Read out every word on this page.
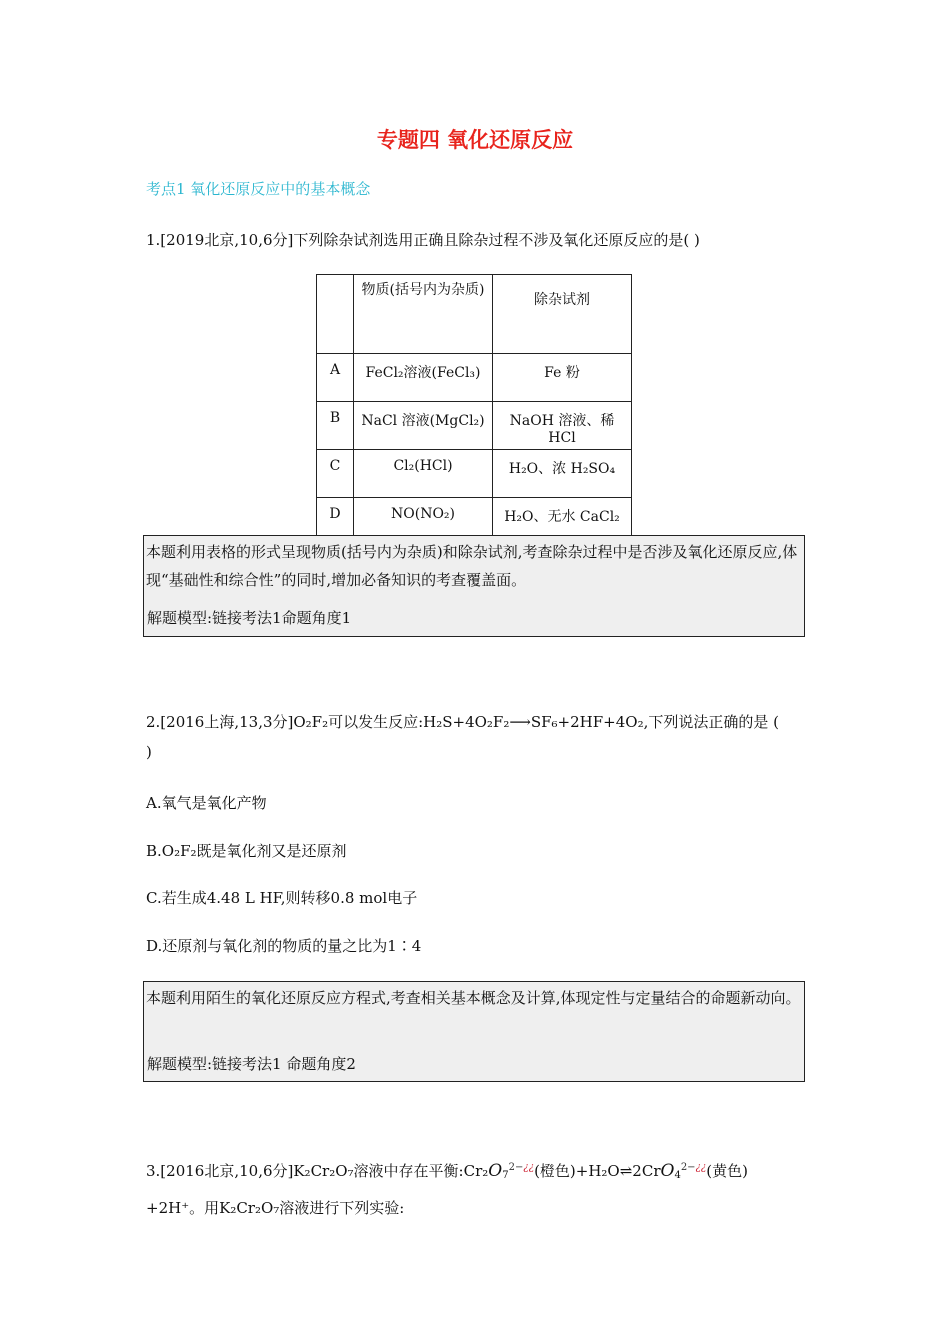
专题四 氧化还原反应
考点1 氧化还原反应中的基本概念
1.[2019北京,10,6分]下列除杂试剂选用正确且除杂过程不涉及氧化还原反应的是( )
	物质(括号内为杂质)	除杂试剂
A	FeCl₂溶液(FeCl₃)	Fe 粉
B	NaCl 溶液(MgCl₂)	NaOH 溶液、稀 HCl
C	Cl₂(HCl)	H₂O、浓 H₂SO₄
D	NO(NO₂)	H₂O、无水 CaCl₂
本题利用表格的形式呈现物质(括号内为杂质)和除杂试剂,考查除杂过程中是否涉及氧化还原反应,体现“基础性和综合性”的同时,增加必备知识的考查覆盖面。
解题模型:链接考法1命题角度1
2.[2016上海,13,3分]O₂F₂可以发生反应:H₂S+4O₂F₂⟶SF₆+2HF+4O₂,下列说法正确的是 (
)
A.氧气是氧化产物
B.O₂F₂既是氧化剂又是还原剂
C.若生成4.48 L HF,则转移0.8 mol电子
D.还原剂与氧化剂的物质的量之比为1∶4
本题利用陌生的氧化还原反应方程式,考查相关基本概念及计算,体现定性与定量结合的命题新动向。
解题模型:链接考法1 命题角度2
3.[2016北京,10,6分]K₂Cr₂O₇溶液中存在平衡$:Cr_2O_7^{2-¿¿}$(橙色)+H₂O⇌2CrO$_4^{2-¿¿}$(黄色)
+2H⁺。用K₂Cr₂O₇溶液进行下列实验:
